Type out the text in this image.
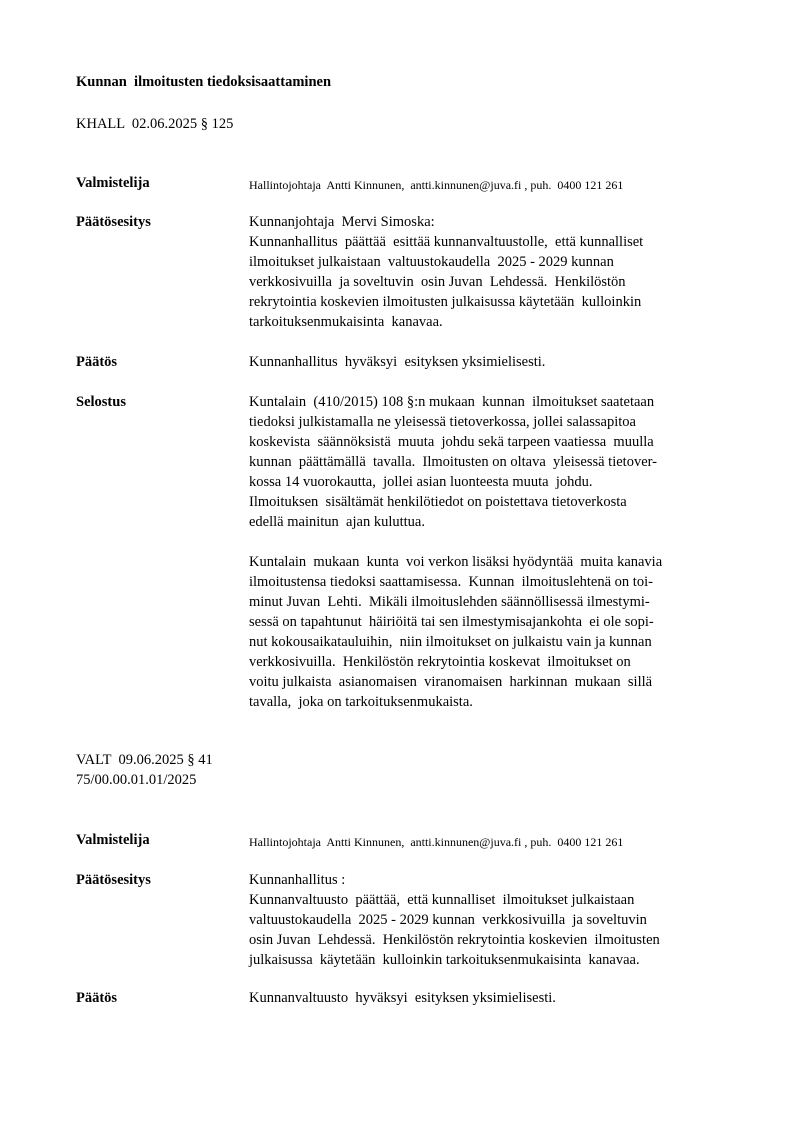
Kunnan  ilmoitusten tiedoksisaattaminen
KHALL  02.06.2025 § 125
Valmistelija	Hallintojohtaja  Antti Kinnunen,  antti.kinnunen@juva.fi , puh.  0400 121 261
Päätösesitys	Kunnanjohtaja  Mervi Simoska:
Kunnanhallitus  päättää  esittää kunnanvaltuustolle,  että kunnalliset
ilmoitukset julkaistaan  valtuustokaudella  2025 - 2029 kunnan
verkkosivuilla  ja soveltuvin  osin Juvan  Lehdessä.  Henkilöstön
rekrytointia koskevien ilmoitusten julkaisussa käytetään  kulloinkin
tarkoituksenmukaisinta  kanavaa.
Päätös	Kunnanhallitus  hyväksyi  esityksen yksimielisesti.
Selostus	Kuntalain  (410/2015) 108 §:n mukaan  kunnan  ilmoitukset saatetaan
tiedoksi julkistamalla ne yleisessä tietoverkossa, jollei salassapitoa
koskevista  säännöksistä  muuta  johdu sekä tarpeen vaatiessa  muulla
kunnan  päättämällä  tavalla.  Ilmoitusten on oltava  yleisessä tietover-
kossa 14 vuorokautta,  jollei asian luonteesta muuta  johdu.
Ilmoituksen  sisältämät henkilötiedot on poistettava tietoverkosta
edellä mainitun  ajan kuluttua.
Kuntalain  mukaan  kunta  voi verkon lisäksi hyödyntää  muita kanavia
ilmoitustensa tiedoksi saattamisessa.  Kunnan  ilmoituslehtenä on toi-
minut Juvan  Lehti.  Mikäli ilmoituslehden säännöllisessä ilmestymi-
sessä on tapahtunut  häiriöitä tai sen ilmestymisajankohta  ei ole sopi-
nut kokousaikatauluihin,  niin ilmoitukset on julkaistu vain ja kunnan
verkkosivuilla.  Henkilöstön rekrytointia koskevat  ilmoitukset on
voitu julkaista  asianomaisen  viranomaisen  harkinnan  mukaan  sillä
tavalla,  joka on tarkoituksenmukaista.
VALT  09.06.2025 § 41
75/00.00.01.01/2025
Valmistelija	Hallintojohtaja  Antti Kinnunen,  antti.kinnunen@juva.fi , puh.  0400 121 261
Päätösesitys	Kunnanhallitus :
Kunnanvaltuusto  päättää,  että kunnalliset  ilmoitukset julkaistaan
valtuustokaudella  2025 - 2029 kunnan  verkkosivuilla  ja soveltuvin
osin Juvan  Lehdessä.  Henkilöstön rekrytointia koskevien  ilmoitusten
julkaisussa  käytetään  kulloinkin tarkoituksenmukaisinta  kanavaa.
Päätös	Kunnanvaltuusto  hyväksyi  esityksen yksimielisesti.
